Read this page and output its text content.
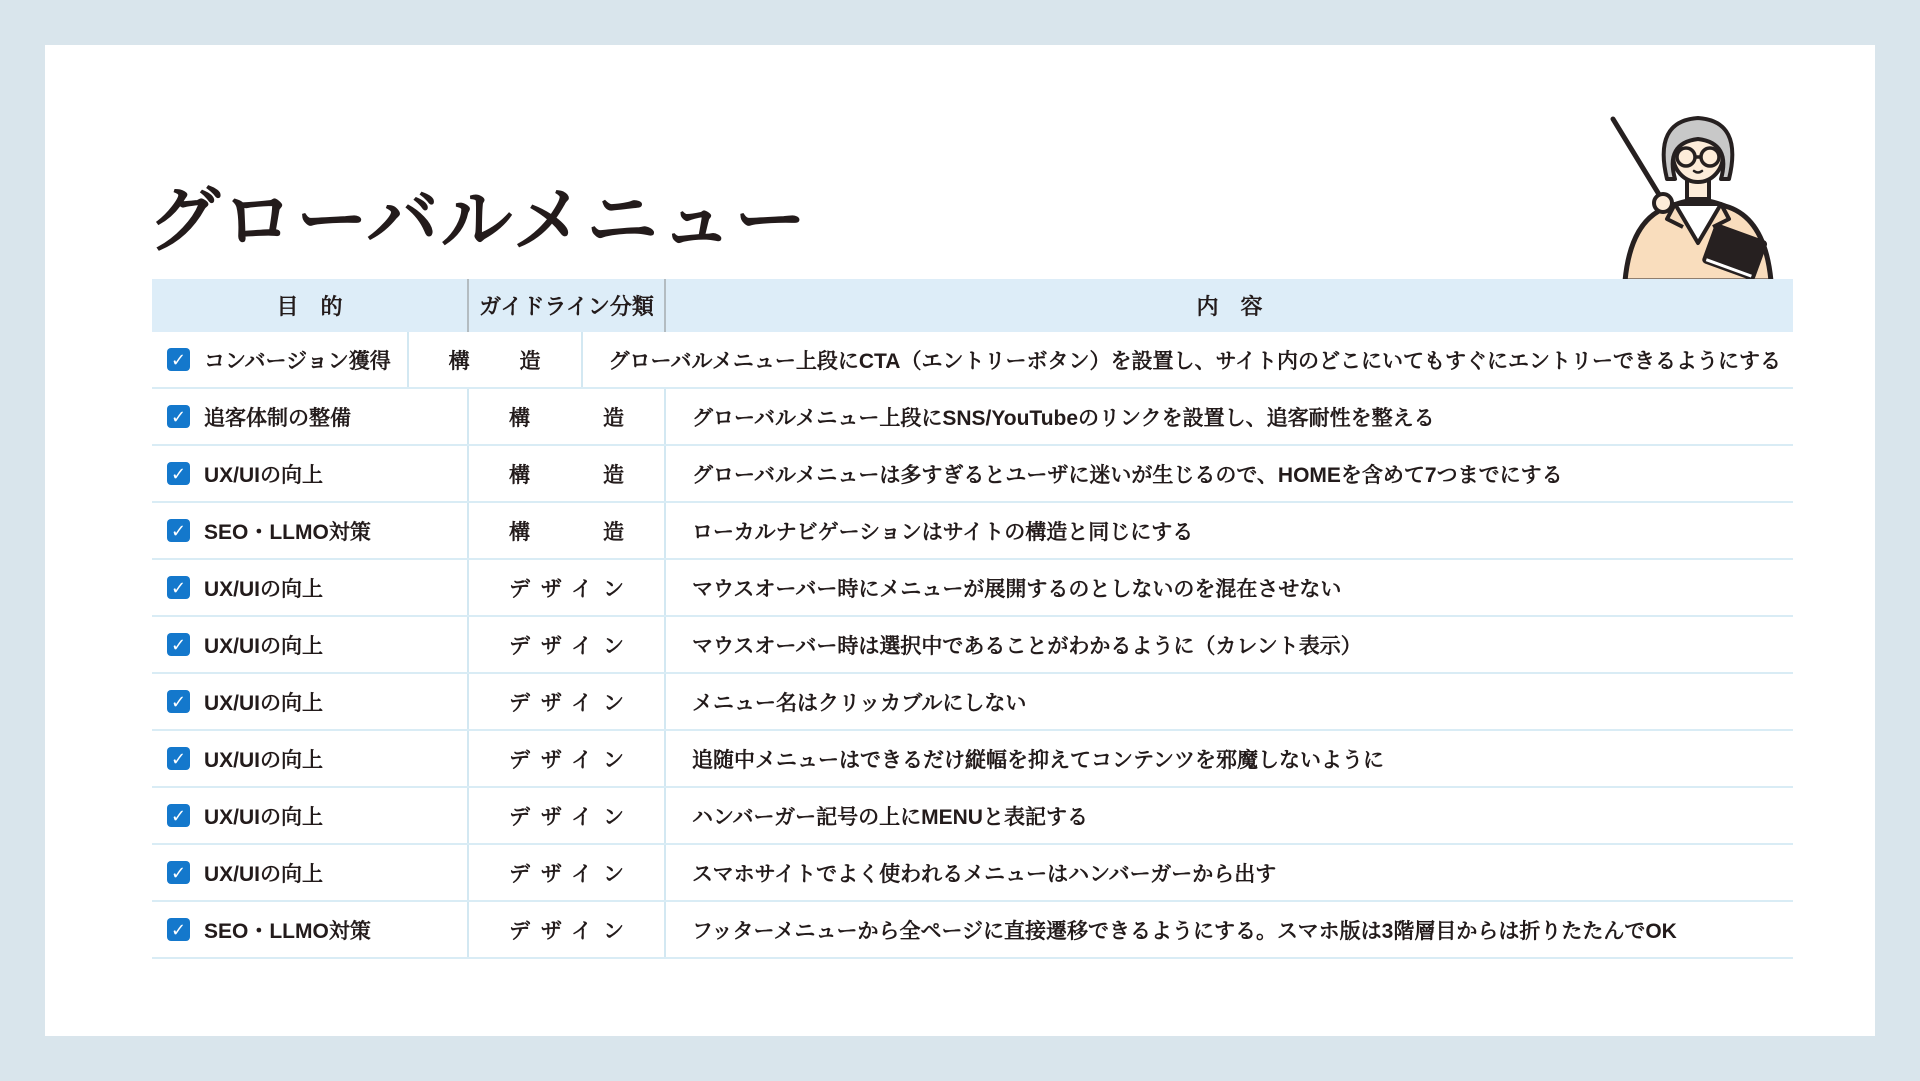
グローバルメニュー
目　的	ガイドライン分類	内　容
✓ コンバージョン獲得	構造	グローバルメニュー上段にCTA（エントリーボタン）を設置し、サイト内のどこにいてもすぐにエントリーできるようにする
✓ 追客体制の整備	構造	グローバルメニュー上段にSNS/YouTubeのリンクを設置し、追客耐性を整える
✓ UX/UIの向上	構造	グローバルメニューは多すぎるとユーザに迷いが生じるので、HOMEを含めて7つまでにする
✓ SEO・LLMO対策	構造	ローカルナビゲーションはサイトの構造と同じにする
✓ UX/UIの向上	デザイン	マウスオーバー時にメニューが展開するのとしないのを混在させない
✓ UX/UIの向上	デザイン	マウスオーバー時は選択中であることがわかるように（カレント表示）
✓ UX/UIの向上	デザイン	メニュー名はクリッカブルにしない
✓ UX/UIの向上	デザイン	追随中メニューはできるだけ縦幅を抑えてコンテンツを邪魔しないように
✓ UX/UIの向上	デザイン	ハンバーガー記号の上にMENUと表記する
✓ UX/UIの向上	デザイン	スマホサイトでよく使われるメニューはハンバーガーから出す
✓ SEO・LLMO対策	デザイン	フッターメニューから全ページに直接遷移できるようにする。スマホ版は3階層目からは折りたたんでOK
